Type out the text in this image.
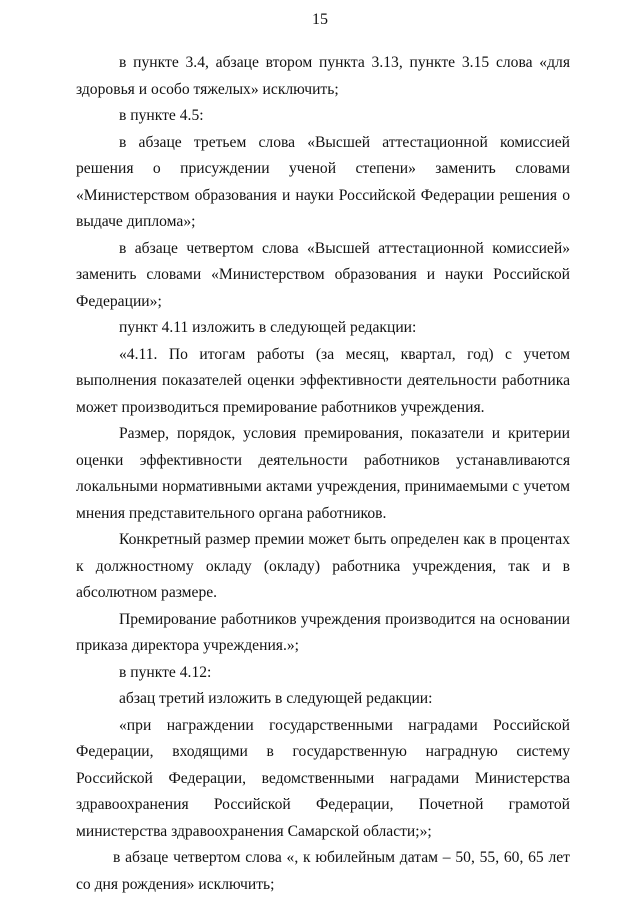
15

в пункте 3.4, абзаце втором пункта 3.13, пункте 3.15 слова «для здоровья и особо тяжелых» исключить;

в пункте 4.5:

в абзаце третьем слова «Высшей аттестационной комиссией решения о присуждении ученой степени» заменить словами «Министерством образования и науки Российской Федерации решения о выдаче диплома»;

в абзаце четвертом слова «Высшей аттестационной комиссией» заменить словами «Министерством образования и науки Российской Федерации»;

пункт 4.11 изложить в следующей редакции:

«4.11. По итогам работы (за месяц, квартал, год) с учетом выполнения показателей оценки эффективности деятельности работника может производиться премирование работников учреждения.

Размер, порядок, условия премирования, показатели и критерии оценки эффективности деятельности работников устанавливаются локальными нормативными актами учреждения, принимаемыми с учетом мнения представительного органа работников.

Конкретный размер премии может быть определен как в процентах к должностному окладу (окладу) работника учреждения, так и в абсолютном размере.

Премирование работников учреждения производится на основании приказа директора учреждения.»;

в пункте 4.12:

абзац третий изложить в следующей редакции:

«при награждении государственными наградами Российской Федерации, входящими в государственную наградную систему Российской Федерации, ведомственными наградами Министерства здравоохранения Российской Федерации, Почетной грамотой министерства здравоохранения Самарской области;»;

в абзаце четвертом слова «, к юбилейным датам – 50, 55, 60, 65 лет со дня рождения» исключить;
